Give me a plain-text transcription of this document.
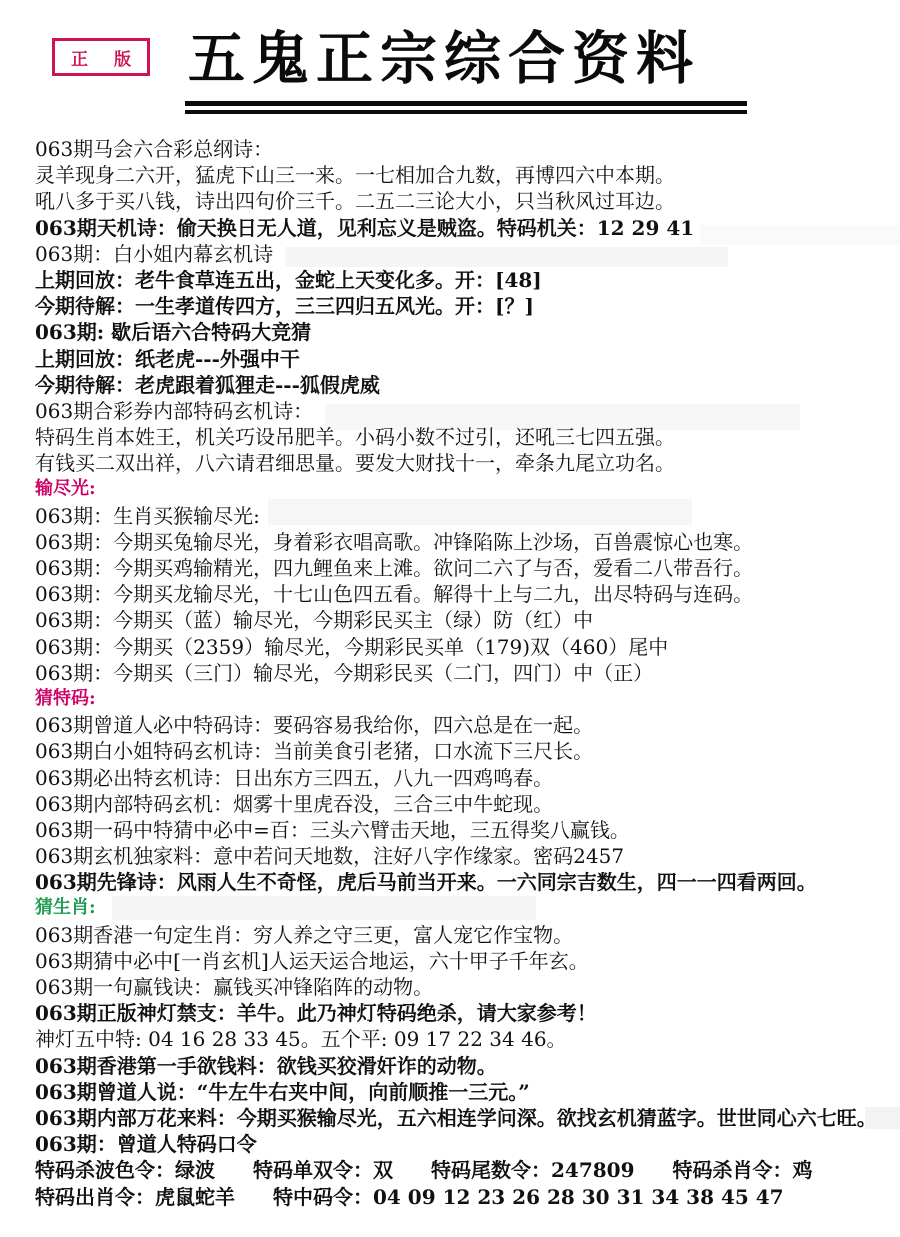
正 版 五鬼正宗综合资料
063期马会六合彩总纲诗：
灵羊现身二六开，猛虎下山三一来。一七相加合九数，再博四六中本期。
吼八多于买八钱，诗出四句价三千。二五二三论大小，只当秋风过耳边。
063期天机诗：偷天换日无人道，见利忘义是贼盗。特码机关：12 29 41
063期：白小姐内幕玄机诗
上期回放：老牛食草连五出，金蛇上天变化多。开：[48]
今期待解：一生孝道传四方，三三四归五风光。开：[？]
063期: 歇后语六合特码大竞猜
上期回放：纸老虎---外强中干
今期待解：老虎跟着狐狸走---狐假虎威
063期合彩券内部特码玄机诗：
特码生肖本姓王，机关巧设吊肥羊。小码小数不过引，还吼三七四五强。
有钱买二双出祥，八六请君细思量。要发大财找十一，牵条九尾立功名。
输尽光:
063期：生肖买猴输尽光:
063期：今期买兔输尽光，身着彩衣唱高歌。冲锋陷陈上沙场，百兽震惊心也寒。
063期：今期买鸡输精光，四九鲤鱼来上滩。欲问二六了与否，爱看二八带吾行。
063期：今期买龙输尽光，十七山色四五看。解得十上与二九，出尽特码与连码。
063期：今期买（蓝）输尽光，今期彩民买主（绿）防（红）中
063期：今期买（2359）输尽光，今期彩民买单（179)双（460）尾中
063期：今期买（三门）输尽光，今期彩民买（二门，四门）中（正）
猜特码:
063期曾道人必中特码诗：要码容易我给你，四六总是在一起。
063期白小姐特码玄机诗：当前美食引老猪，口水流下三尺长。
063期必出特玄机诗：日出东方三四五，八九一四鸡鸣春。
063期内部特码玄机：烟雾十里虎吞没，三合三中牛蛇现。
063期一码中特猜中必中=百：三头六臂击天地，三五得奖八赢钱。
063期玄机独家料：意中若问天地数，注好八字作缘家。密码2457
063期先锋诗：风雨人生不奇怪，虎后马前当开来。一六同宗吉数生，四一一四看两回。
猜生肖:
063期香港一句定生肖：穷人养之守三更，富人宠它作宝物。
063期猜中必中[一肖玄机]人运天运合地运，六十甲子千年玄。
063期一句赢钱诀：赢钱买冲锋陷阵的动物。
063期正版神灯禁支：羊牛。此乃神灯特码绝杀，请大家参考！
神灯五中特: 04 16 28 33 45。五个平: 09 17 22 34 46。
063期香港第一手欲钱料：欲钱买狡滑奸诈的动物。
063期曾道人说：“牛左牛右夹中间，向前顺推一三元。”
063期内部万花来料：今期买猴输尽光，五六相连学问深。欲找玄机猜蓝字。世世同心六七旺。
063期：曾道人特码口令
特码杀波色令：绿波 特码单双令：双 特码尾数令：247809 特码杀肖令：鸡
特码出肖令：虎鼠蛇羊 特中码令：04 09 12 23 26 28 30 31 34 38 45 47
